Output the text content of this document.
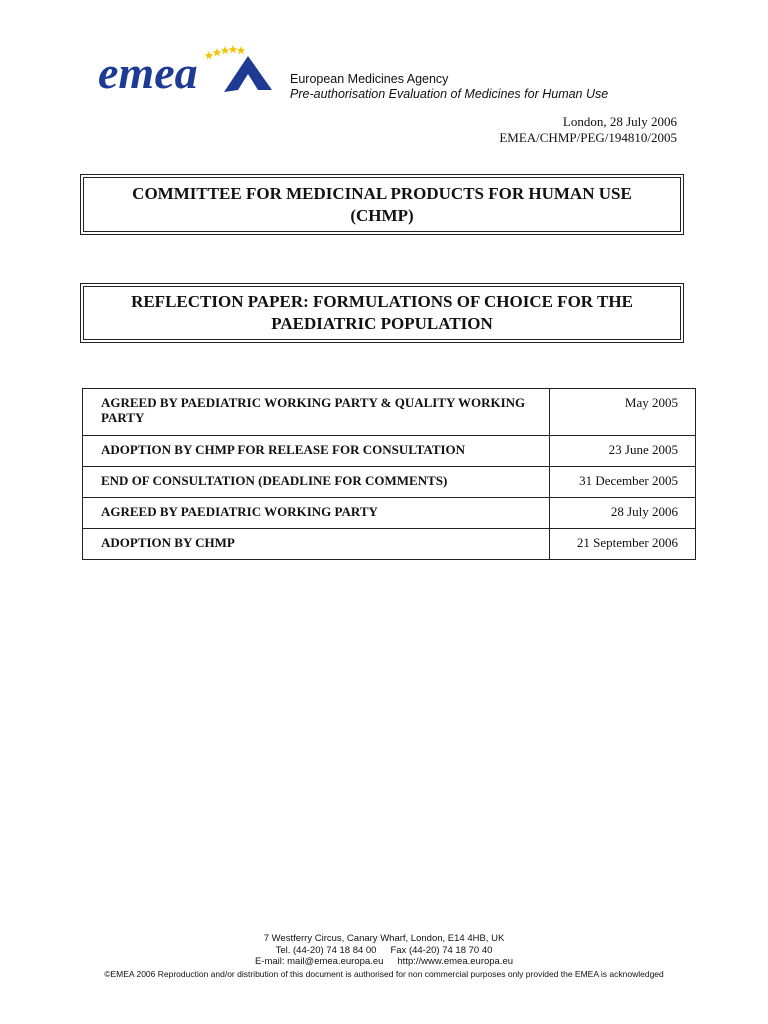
emea	European Medicines Agency
Pre-authorisation Evaluation of Medicines for Human Use
London, 28 July 2006
EMEA/CHMP/PEG/194810/2005
COMMITTEE FOR MEDICINAL PRODUCTS FOR HUMAN USE
(CHMP)
REFLECTION PAPER: FORMULATIONS OF CHOICE FOR THE
PAEDIATRIC POPULATION
AGREED BY PAEDIATRIC WORKING PARTY & QUALITY WORKING PARTY	May 2005
ADOPTION BY CHMP FOR RELEASE FOR CONSULTATION	23 June 2005
END OF CONSULTATION (DEADLINE FOR COMMENTS)	31 December 2005
AGREED BY PAEDIATRIC WORKING PARTY	28 July 2006
ADOPTION BY CHMP	21 September 2006
7 Westferry Circus, Canary Wharf, London, E14 4HB, UK
Tel. (44-20) 74 18 84 00 Fax (44-20) 74 18 70 40
E-mail: mail@emea.europa.eu http://www.emea.europa.eu
©EMEA 2006 Reproduction and/or distribution of this document is authorised for non commercial purposes only provided the EMEA is acknowledged
